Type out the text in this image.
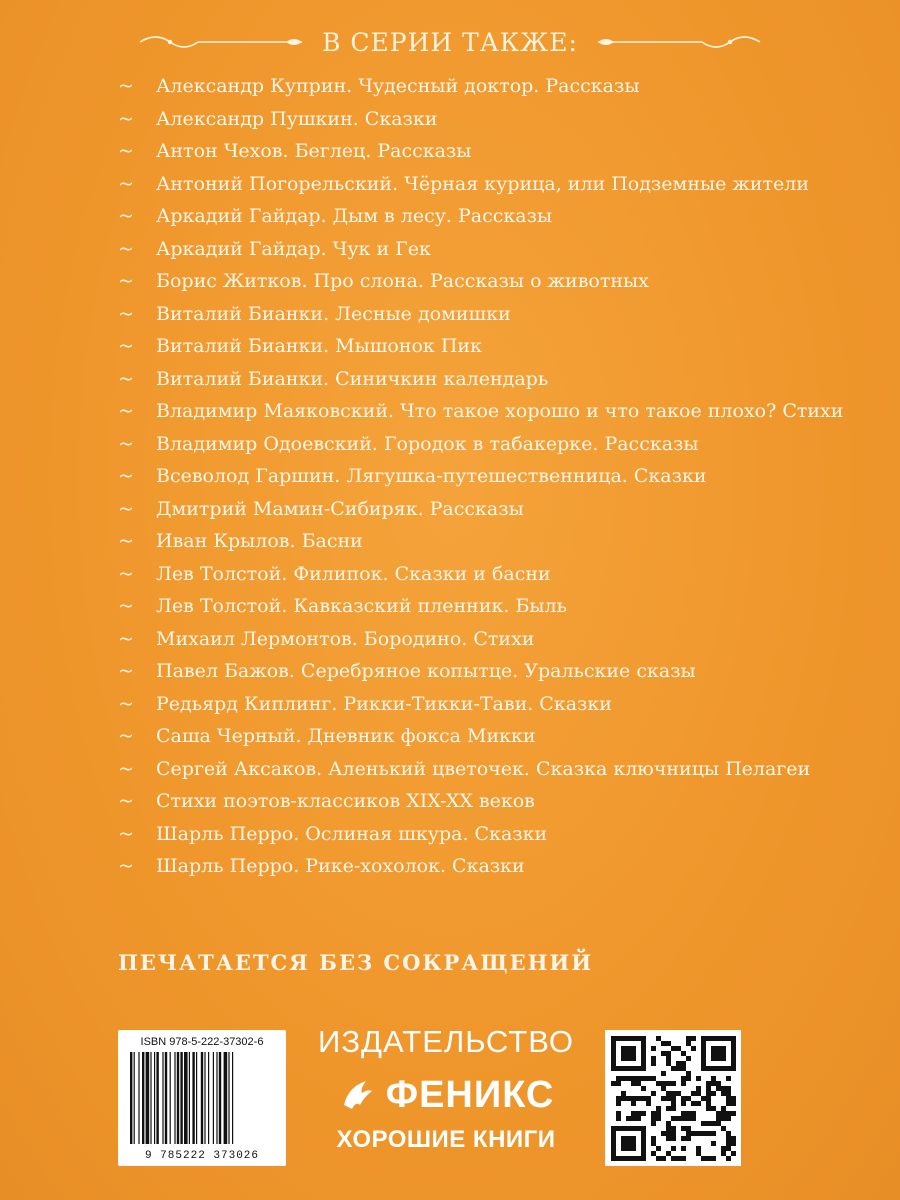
В СЕРИИ ТАКЖЕ:
~	Александр Куприн. Чудесный доктор. Рассказы
~	Александр Пушкин. Сказки
~	Антон Чехов. Беглец. Рассказы
~	Антоний Погорельский. Чёрная курица, или Подземные жители
~	Аркадий Гайдар. Дым в лесу. Рассказы
~	Аркадий Гайдар. Чук и Гек
~	Борис Житков. Про слона. Рассказы о животных
~	Виталий Бианки. Лесные домишки
~	Виталий Бианки. Мышонок Пик
~	Виталий Бианки. Синичкин календарь
~	Владимир Маяковский. Что такое хорошо и что такое плохо? Стихи
~	Владимир Одоевский. Городок в табакерке. Рассказы
~	Всеволод Гаршин. Лягушка-путешественница. Сказки
~	Дмитрий Мамин-Сибиряк. Рассказы
~	Иван Крылов. Басни
~	Лев Толстой. Филипок. Сказки и басни
~	Лев Толстой. Кавказский пленник. Быль
~	Михаил Лермонтов. Бородино. Стихи
~	Павел Бажов. Серебряное копытце. Уральские сказы
~	Редьярд Киплинг. Рикки-Тикки-Тави. Сказки
~	Саша Черный. Дневник фокса Микки
~	Сергей Аксаков. Аленький цветочек. Сказка ключницы Пелагеи
~	Стихи поэтов-классиков XIX-XX веков
~	Шарль Перро. Ослиная шкура. Сказки
~	Шарль Перро. Рике-хохолок. Сказки
ПЕЧАТАЕТСЯ БЕЗ СОКРАЩЕНИЙ
ISBN 978-5-222-37302-6
9 785222 373026
ИЗДАТЕЛЬСТВО
ФЕНИКС
ХОРОШИЕ КНИГИ
